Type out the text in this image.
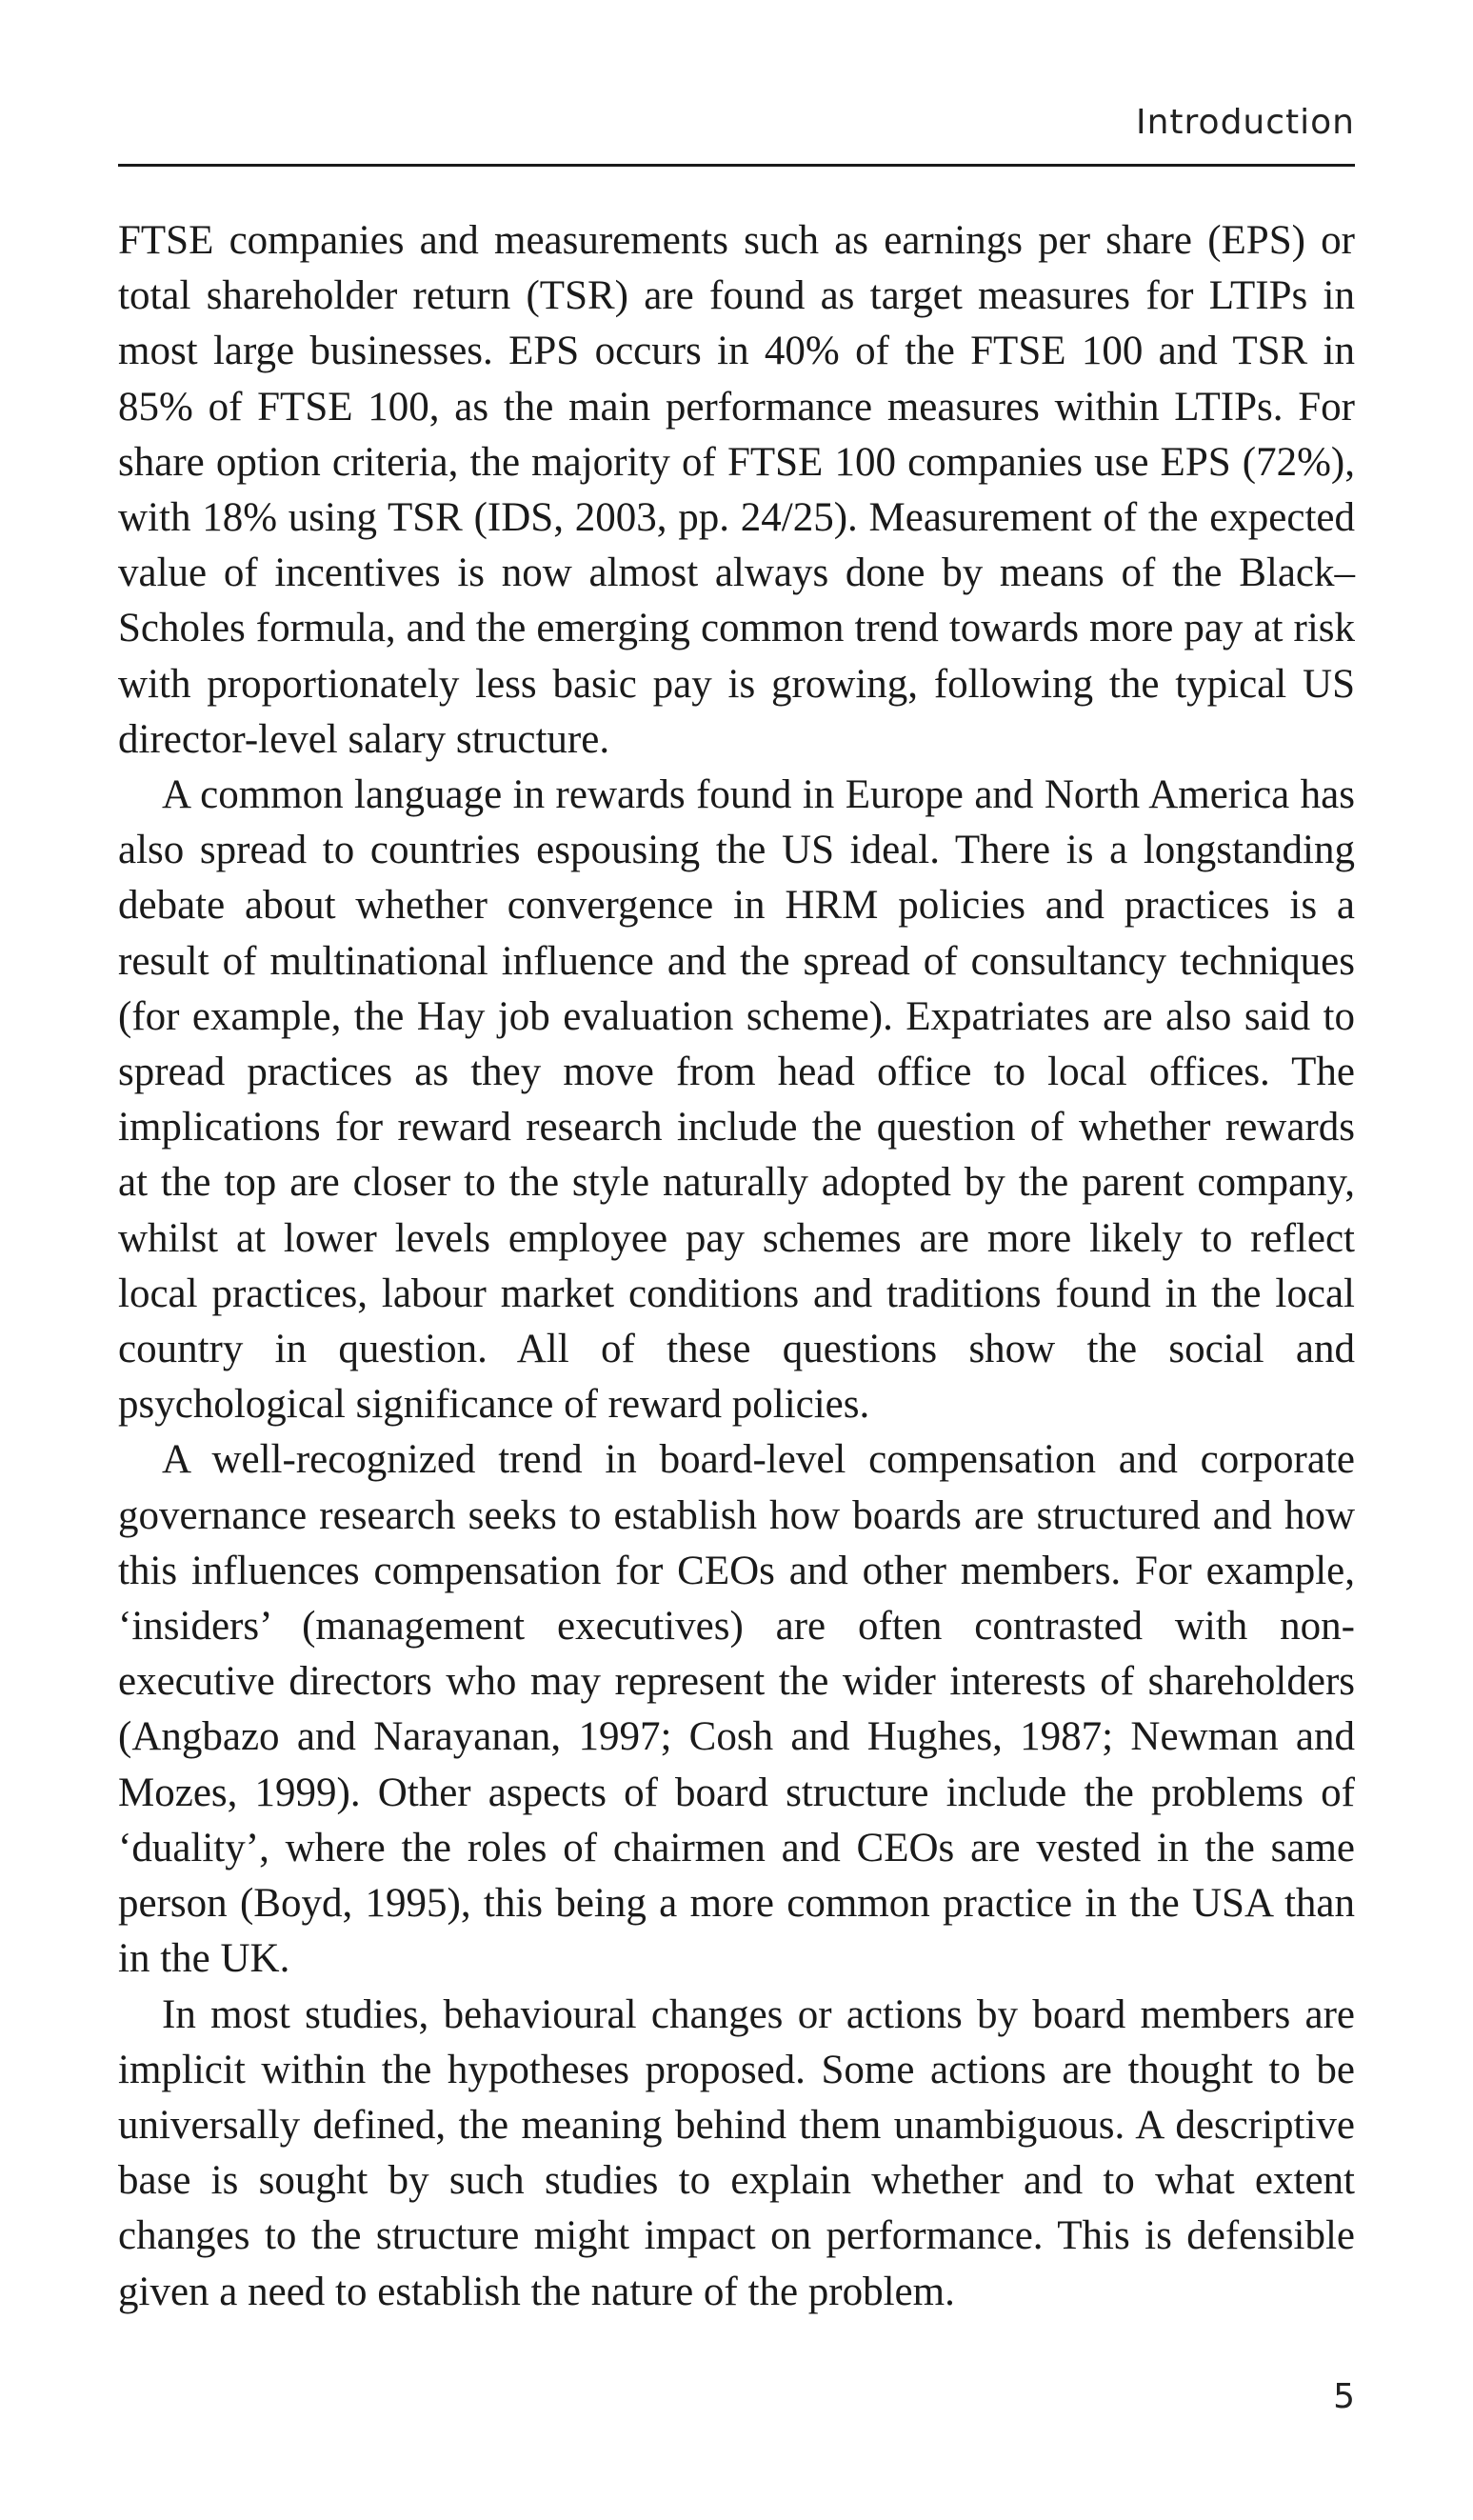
Introduction

FTSE companies and measurements such as earnings per share (EPS) or total shareholder return (TSR) are found as target measures for LTIPs in most large businesses. EPS occurs in 40% of the FTSE 100 and TSR in 85% of FTSE 100, as the main performance measures within LTIPs. For share option criteria, the majority of FTSE 100 companies use EPS (72%), with 18% using TSR (IDS, 2003, pp. 24/25). Measurement of the expected value of incentives is now almost always done by means of the Black–Scholes formula, and the emerging common trend towards more pay at risk with proportionately less basic pay is growing, following the typical US director-level salary structure.

A common language in rewards found in Europe and North America has also spread to countries espousing the US ideal. There is a longstanding debate about whether convergence in HRM policies and practices is a result of multinational influence and the spread of consultancy techniques (for example, the Hay job evaluation scheme). Expatriates are also said to spread practices as they move from head office to local offices. The implications for reward research include the question of whether rewards at the top are closer to the style naturally adopted by the parent company, whilst at lower levels employee pay schemes are more likely to reflect local practices, labour market conditions and traditions found in the local country in question. All of these questions show the social and psychological significance of reward policies.

A well-recognized trend in board-level compensation and corporate governance research seeks to establish how boards are structured and how this influences compensation for CEOs and other members. For example, ‘insiders’ (management executives) are often contrasted with non-executive directors who may represent the wider interests of shareholders (Angbazo and Narayanan, 1997; Cosh and Hughes, 1987; Newman and Mozes, 1999). Other aspects of board structure include the problems of ‘duality’, where the roles of chairmen and CEOs are vested in the same person (Boyd, 1995), this being a more common practice in the USA than in the UK.

In most studies, behavioural changes or actions by board members are implicit within the hypotheses proposed. Some actions are thought to be universally defined, the meaning behind them unambiguous. A descriptive base is sought by such studies to explain whether and to what extent changes to the structure might impact on performance. This is defensible given a need to establish the nature of the problem.

5
